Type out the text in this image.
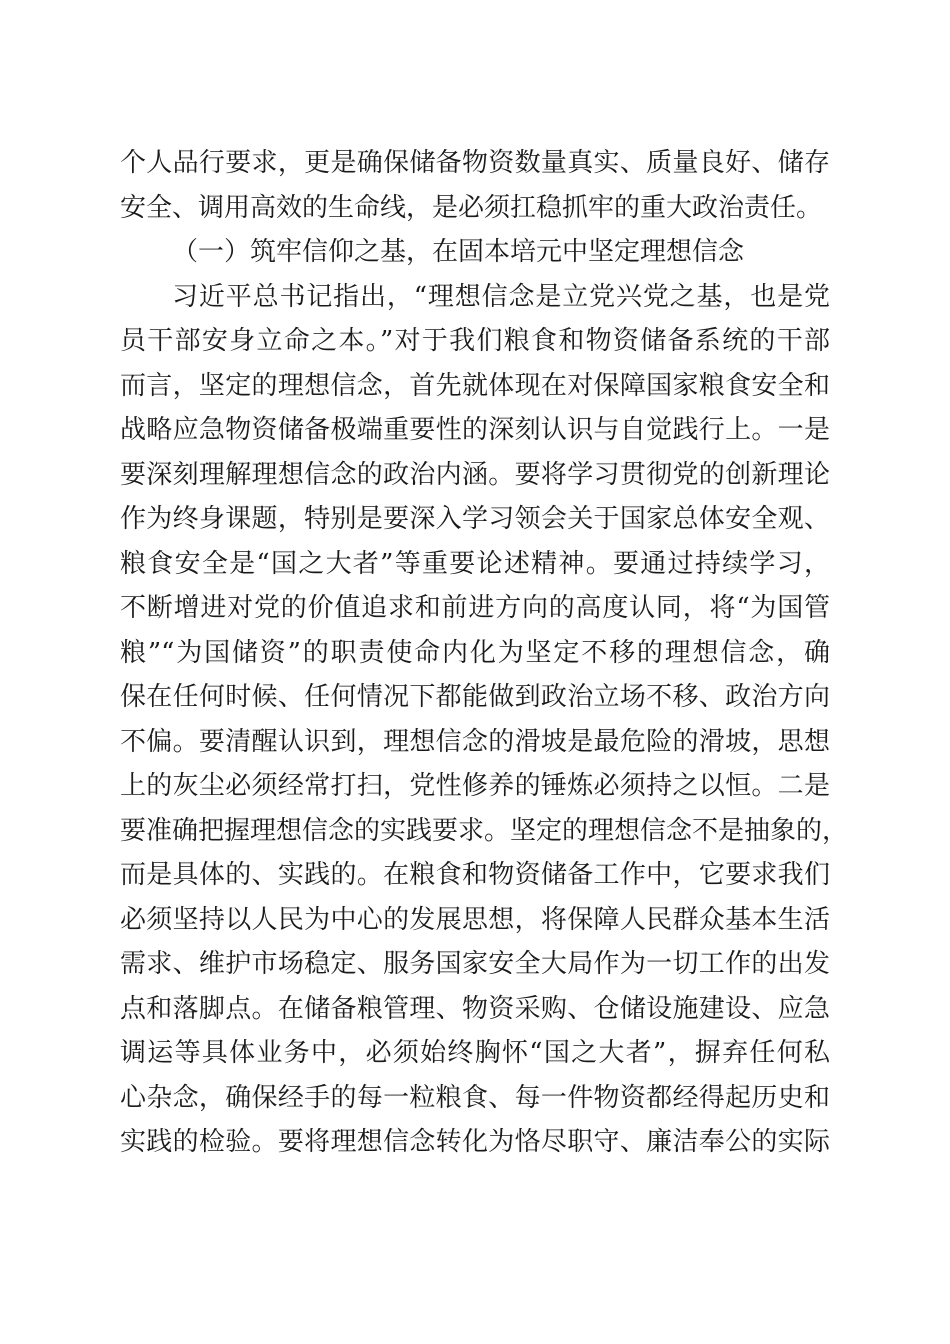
个人品行要求，更是确保储备物资数量真实、质量良好、储存
安全、调用高效的生命线，是必须扛稳抓牢的重大政治责任。
（一）筑牢信仰之基，在固本培元中坚定理想信念
习近平总书记指出，“理想信念是立党兴党之基，也是党
员干部安身立命之本。”对于我们粮食和物资储备系统的干部
而言，坚定的理想信念，首先就体现在对保障国家粮食安全和
战略应急物资储备极端重要性的深刻认识与自觉践行上。一是
要深刻理解理想信念的政治内涵。要将学习贯彻党的创新理论
作为终身课题，特别是要深入学习领会关于国家总体安全观、
粮食安全是“国之大者”等重要论述精神。要通过持续学习，
不断增进对党的价值追求和前进方向的高度认同，将“为国管
粮”“为国储资”的职责使命内化为坚定不移的理想信念，确
保在任何时候、任何情况下都能做到政治立场不移、政治方向
不偏。要清醒认识到，理想信念的滑坡是最危险的滑坡，思想
上的灰尘必须经常打扫，党性修养的锤炼必须持之以恒。二是
要准确把握理想信念的实践要求。坚定的理想信念不是抽象的，
而是具体的、实践的。在粮食和物资储备工作中，它要求我们
必须坚持以人民为中心的发展思想，将保障人民群众基本生活
需求、维护市场稳定、服务国家安全大局作为一切工作的出发
点和落脚点。在储备粮管理、物资采购、仓储设施建设、应急
调运等具体业务中，必须始终胸怀“国之大者”，摒弃任何私
心杂念，确保经手的每一粒粮食、每一件物资都经得起历史和
实践的检验。要将理想信念转化为恪尽职守、廉洁奉公的实际
